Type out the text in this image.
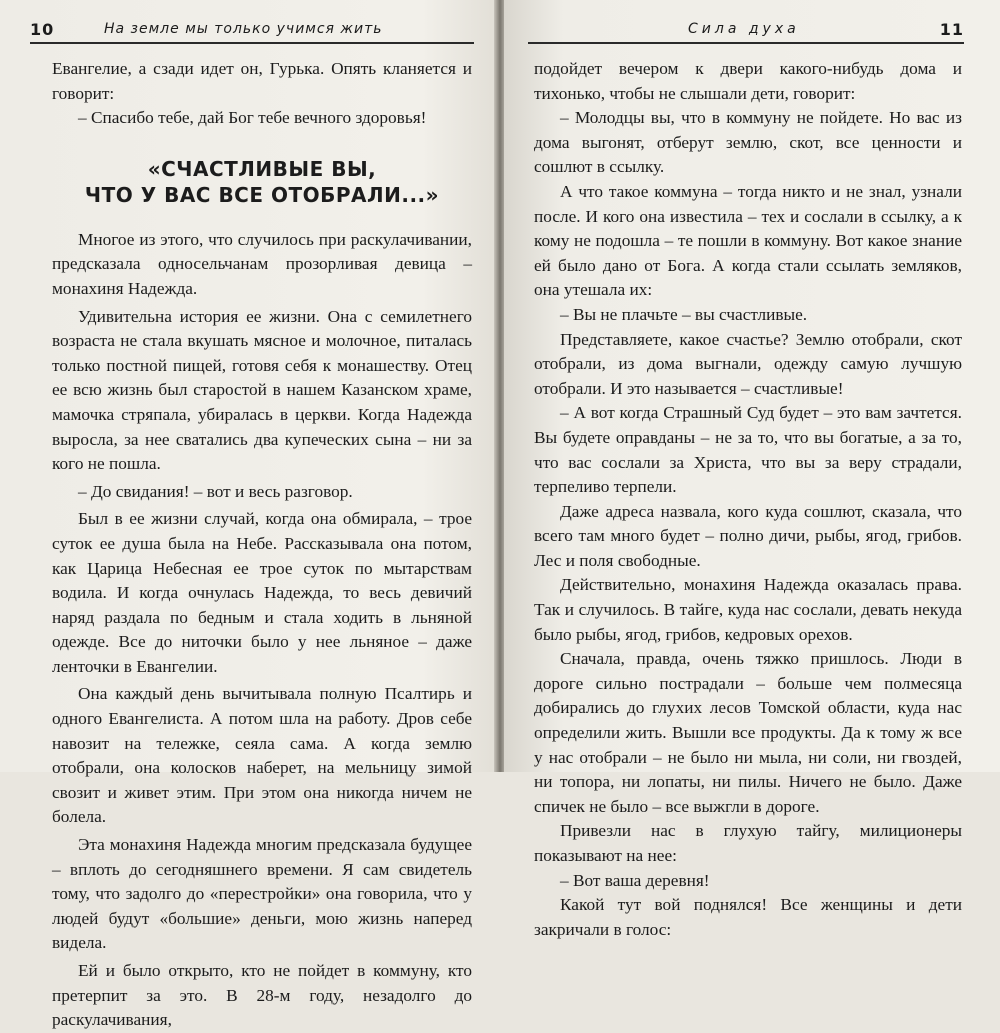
10	На земле мы только учимся жить

Евангелие, а сзади идет он, Гурька. Опять кланяется и говорит:

– Спасибо тебе, дай Бог тебе вечного здоровья!

«СЧАСТЛИВЫЕ ВЫ,
ЧТО У ВАС ВСЕ ОТОБРАЛИ...»

Многое из этого, что случилось при раскулачивании, предсказала односельчанам прозорливая девица – монахиня Надежда.

Удивительна история ее жизни. Она с семилетнего возраста не стала вкушать мясное и молочное, питалась только постной пищей, готовя себя к монашеству. Отец ее всю жизнь был старостой в нашем Казанском храме, мамочка стряпала, убиралась в церкви. Когда Надежда выросла, за нее сватались два купеческих сына – ни за кого не пошла.

– До свидания! – вот и весь разговор.

Был в ее жизни случай, когда она обмирала, – трое суток ее душа была на Небе. Рассказывала она потом, как Царица Небесная ее трое суток по мытарствам водила. И когда очнулась Надежда, то весь девичий наряд раздала по бедным и стала ходить в льняной одежде. Все до ниточки было у нее льняное – даже ленточки в Евангелии.

Она каждый день вычитывала полную Псалтирь и одного Евангелиста. А потом шла на работу. Дров себе навозит на тележке, сеяла сама. А когда землю отобрали, она колосков наберет, на мельницу зимой свозит и живет этим. При этом она никогда ничем не болела.

Эта монахиня Надежда многим предсказала будущее – вплоть до сегодняшнего времени. Я сам свидетель тому, что задолго до «перестройки» она говорила, что у людей будут «большие» деньги, мою жизнь наперед видела.

Ей и было открыто, кто не пойдет в коммуну, кто претерпит за это. В 28-м году, незадолго до раскулачивания,

Сила духа	11

подойдет вечером к двери какого-нибудь дома и тихонько, чтобы не слышали дети, говорит:

– Молодцы вы, что в коммуну не пойдете. Но вас из дома выгонят, отберут землю, скот, все ценности и сошлют в ссылку.

А что такое коммуна – тогда никто и не знал, узнали после. И кого она известила – тех и сослали в ссылку, а к кому не подошла – те пошли в коммуну. Вот какое знание ей было дано от Бога. А когда стали ссылать земляков, она утешала их:

– Вы не плачьте – вы счастливые.

Представляете, какое счастье? Землю отобрали, скот отобрали, из дома выгнали, одежду самую лучшую отобрали. И это называется – счастливые!

– А вот когда Страшный Суд будет – это вам зачтется. Вы будете оправданы – не за то, что вы богатые, а за то, что вас сослали за Христа, что вы за веру страдали, терпеливо терпели.

Даже адреса назвала, кого куда сошлют, сказала, что всего там много будет – полно дичи, рыбы, ягод, грибов. Лес и поля свободные.

Действительно, монахиня Надежда оказалась права. Так и случилось. В тайге, куда нас сослали, девать некуда было рыбы, ягод, грибов, кедровых орехов.

Сначала, правда, очень тяжко пришлось. Люди в дороге сильно пострадали – больше чем полмесяца добирались до глухих лесов Томской области, куда нас определили жить. Вышли все продукты. Да к тому ж все у нас отобрали – не было ни мыла, ни соли, ни гвоздей, ни топора, ни лопаты, ни пилы. Ничего не было. Даже спичек не было – все выжгли в дороге.

Привезли нас в глухую тайгу, милиционеры показывают на нее:

– Вот ваша деревня!

Какой тут вой поднялся! Все женщины и дети закричали в голос:
